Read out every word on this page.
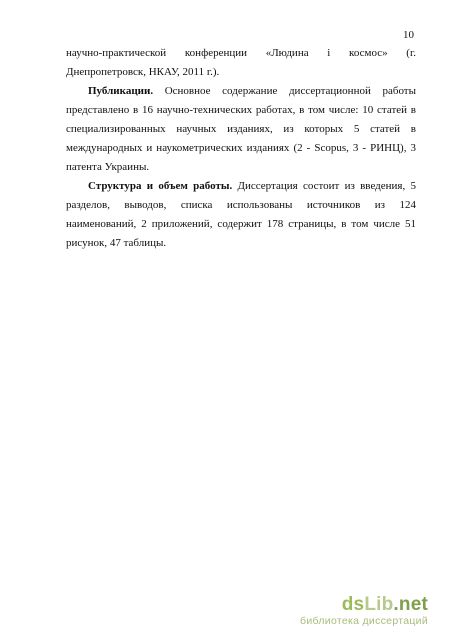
10

научно-практической конференции «Людина і космос» (г. Днепропетровск, НКАУ, 2011 г.).

Публикации. Основное содержание диссертационной работы представлено в 16 научно-технических работах, в том числе: 10 статей в специализированных научных изданиях, из которых 5 статей в международных и наукометрических изданиях (2 - Scopus, 3 - РИНЦ), 3 патента Украины.

Структура и объем работы. Диссертация состоит из введения, 5 разделов, выводов, списка использованы источников из 124 наименований, 2 приложений, содержит 178 страницы, в том числе 51 рисунок, 47 таблицы.

dsLib.net
библиотека диссертаций
